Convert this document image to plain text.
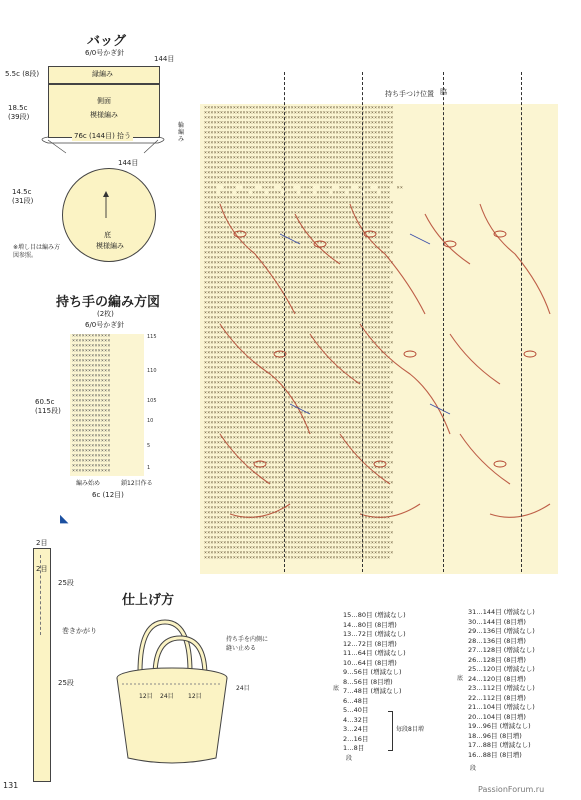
バッグ
6/0号かぎ針
144目
縁編み
側面
模様編み
76c (144目) 拾う
5.5c (8段)
18.5c (39段)
輪編み
144目
底
模様編み
14.5c (31段)
※増し目は編み方図参照。
持ち手の編み方図
(2枚)
6/0号かぎ針
××××××××××××
××××××××××××
××××××××××××
××××××××××××
××××××××××××
××××××××××××
××××××××××××
××××××××××××
××××××××××××
××××××××××××
××××××××××××
××××××××××××
××××××××××××
××××××××××××
××××××××××××
××××××××××××
××××××××××××
××××××××××××
××××××××××××
××××××××××××
××××××××××××
××××××××××××
××××××××××××
××××××××××××
××××××××××××
××××××××××××
××××××××××××
××××××××××××
115
110
105
10
5
1
60.5c (115段)
編み始め	鎖12目作る
6c (12目)
◣
2目
2目
25段
巻きかがり
25段
仕上げ方
持ち手を内側に
縫い止める
24目
12目 24目 12目
持ち手つけ位置 脇
×××××××××××××××××××××××××××××××××××××××××××××××××××××××××××
×××××××××××××××××××××××××××××××××××××××××××××××××××××××××××
×××××××××××××××××××××××××××××××××××××××××××××××××××××××××××
×××××××××××××××××××××××××××××××××××××××××××××××××××××××××××
×××××××××××××××××××××××××××××××××××××××××××××××××××××××××××
×××××××××××××××××××××××××××××××××××××××××××××××××××××××××××
×××××××××××××××××××××××××××××××××××××××××××××××××××××××××××
×××××××××××××××××××××××××××××××××××××××××××××××××××××××××××
×××××××××××××××××××××××××××××××××××××××××××××××××××××××××××
×××××××××××××××××××××××××××××××××××××××××××××××××××××××××××
×××××××××××××××××××××××××××××××××××××××××××××××××××××××××××
×××××××××××××××××××××××××××××××××××××××××××××××××××××××××××
×××××××××××××××××××××××××××××××××××××××××××××××××××××××××××
×××××××××××××××××××××××××××××××××××××××××××××××××××××××××××
×××××××××××××××××××××××××××××××××××××××××××××××××××××××××××
×××××××××××××××××××××××××××××××××××××××××××××××××××××××××××
××××  ××××  ××××  ××××  ××××  ××××  ××××  ××××  ××××  ××××  ××
×××× ×××× ×××× ×××× ×××× ×××× ×××× ×××× ×××× ×××× ×××× ×××
××××××××××××××××××××××××××××××××××××××××××××××××××××××××××
×××××××××××××××××××××××××××××××××××××××××××××××××××××××××××
××××××××××××××××××××××××××××××××××××××××××××××××××××××××××
×××××××××××××××××××××××××××××××××××××××××××××××××××××××××××
××××××××××××××××××××××××××××××××××××××××××××××××××××××××××
×××××××××××××××××××××××××××××××××××××××××××××××××××××××××××
××××××××××××××××××××××××××××××××××××××××××××××××××××××××××
×××××××××××××××××××××××××××××××××××××××××××××××××××××××××××
××××××××××××××××××××××××××××××××××××××××××××××××××××××××××
×××××××××××××××××××××××××××××××××××××××××××××××××××××××××××
××××××××××××××××××××××××××××××××××××××××××××××××××××××××××
×××××××××××××××××××××××××××××××××××××××××××××××××××××××××××
××××××××××××××××××××××××××××××××××××××××××××××××××××××××××
×××××××××××××××××××××××××××××××××××××××××××××××××××××××××××
××××××××××××××××××××××××××××××××××××××××××××××××××××××××××
×××××××××××××××××××××××××××××××××××××××××××××××××××××××××××
××××××××××××××××××××××××××××××××××××××××××××××××××××××××××
×××××××××××××××××××××××××××××××××××××××××××××××××××××××××××
××××××××××××××××××××××××××××××××××××××××××××××××××××××××××
×××××××××××××××××××××××××××××××××××××××××××××××××××××××××××
××××××××××××××××××××××××××××××××××××××××××××××××××××××××××
×××××××××××××××××××××××××××××××××××××××××××××××××××××××××××
××××××××××××××××××××××××××××××××××××××××××××××××××××××××××
×××××××××××××××××××××××××××××××××××××××××××××××××××××××××××
××××××××××××××××××××××××××××××××××××××××××××××××××××××××××
×××××××××××××××××××××××××××××××××××××××××××××××××××××××××××
××××××××××××××××××××××××××××××××××××××××××××××××××××××××××
×××××××××××××××××××××××××××××××××××××××××××××××××××××××××××
××××××××××××××××××××××××××××××××××××××××××××××××××××××××××
×××××××××××××××××××××××××××××××××××××××××××××××××××××××××××
××××××××××××××××××××××××××××××××××××××××××××××××××××××××××
×××××××××××××××××××××××××××××××××××××××××××××××××××××××××××
××××××××××××××××××××××××××××××××××××××××××××××××××××××××××
×××××××××××××××××××××××××××××××××××××××××××××××××××××××××××
××××××××××××××××××××××××××××××××××××××××××××××××××××××××××
×××××××××××××××××××××××××××××××××××××××××××××××××××××××××××
××××××××××××××××××××××××××××××××××××××××××××××××××××××××××
×××××××××××××××××××××××××××××××××××××××××××××××××××××××××××
××××××××××××××××××××××××××××××××××××××××××××××××××××××××××
×××××××××××××××××××××××××××××××××××××××××××××××××××××××××××
××××××××××××××××××××××××××××××××××××××××××××××××××××××××××
×××××××××××××××××××××××××××××××××××××××××××××××××××××××××××
××××××××××××××××××××××××××××××××××××××××××××××××××××××××××
×××××××××××××××××××××××××××××××××××××××××××××××××××××××××××
××××××××××××××××××××××××××××××××××××××××××××××××××××××××××
×××××××××××××××××××××××××××××××××××××××××××××××××××××××××××
××××××××××××××××××××××××××××××××××××××××××××××××××××××××××
×××××××××××××××××××××××××××××××××××××××××××××××××××××××××××
××××××××××××××××××××××××××××××××××××××××××××××××××××××××××
×××××××××××××××××××××××××××××××××××××××××××××××××××××××××××
××××××××××××××××××××××××××××××××××××××××××××××××××××××××××
×××××××××××××××××××××××××××××××××××××××××××××××××××××××××××
××××××××××××××××××××××××××××××××××××××××××××××××××××××××××
×××××××××××××××××××××××××××××××××××××××××××××××××××××××××××
××××××××××××××××××××××××××××××××××××××××××××××××××××××××××
×××××××××××××××××××××××××××××××××××××××××××××××××××××××××××
××××××××××××××××××××××××××××××××××××××××××××××××××××××××××
×××××××××××××××××××××××××××××××××××××××××××××××××××××××××××
××××××××××××××××××××××××××××××××××××××××××××××××××××××××××
×××××××××××××××××××××××××××××××××××××××××××××××××××××××××××
××××××××××××××××××××××××××××××××××××××××××××××××××××××××××
×××××××××××××××××××××××××××××××××××××××××××××××××××××××××××
××××××××××××××××××××××××××××××××××××××××××××××××××××××××××
×××××××××××××××××××××××××××××××××××××××××××××××××××××××××××
××××××××××××××××××××××××××××××××××××××××××××××××××××××××××
×××××××××××××××××××××××××××××××××××××××××××××××××××××××××××
××××××××××××××××××××××××××××××××××××××××××××××××××××××××××
×××××××××××××××××××××××××××××××××××××××××××××××××××××××××××
××××××××××××××××××××××××××××××××××××××××××××××××××××××××××
×××××××××××××××××××××××××××××××××××××××××××××××××××××××××××
××××××××××××××××××××××××××××××××××××××××××××××××××××××××××
×××××××××××××××××××××××××××××××××××××××××××××××××××××××××××
××××××××××××××××××××××××××××××××××××××××××××××××××××××××××
15…80目 (増減なし)
14…80目 (8目増)
13…72目 (増減なし)
12…72目 (8目増)
11…64目 (増減なし)
10…64目 (8目増)
9…56目 (増減なし)
8…56目 (8目増)
7…48目 (増減なし)
6…48目
5…40目
4…32目
3…24目
2…16目
1…8目
底
段
毎段8目増
31…144目 (増減なし)
30…144目 (8目増)
29…136目 (増減なし)
28…136目 (8目増)
27…128目 (増減なし)
26…128目 (8目増)
25…120目 (増減なし)
24…120目 (8目増)
23…112目 (増減なし)
22…112目 (8目増)
21…104目 (増減なし)
20…104目 (8目増)
19…96目 (増減なし)
18…96目 (8目増)
17…88目 (増減なし)
16…88目 (8目増)
底
段
131	PassionForum.ru
